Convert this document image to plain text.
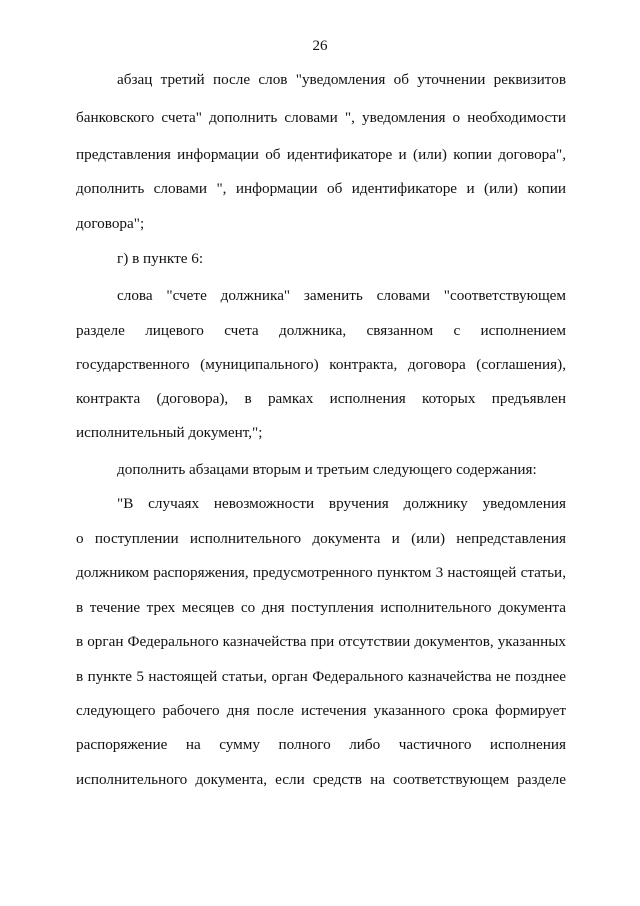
26
абзац третий после слов "уведомления об уточнении реквизитов
банковского счета" дополнить словами ", уведомления о необходимости
представления информации об идентификаторе и (или) копии договора",
дополнить словами ", информации об идентификаторе и (или) копии
договора";
г) в пункте 6:
слова "счете должника" заменить словами "соответствующем
разделе лицевого счета должника, связанном с исполнением
государственного (муниципального) контракта, договора (соглашения),
контракта (договора), в рамках исполнения которых предъявлен
исполнительный документ,";
дополнить абзацами вторым и третьим следующего содержания:
"В случаях невозможности вручения должнику уведомления
о поступлении исполнительного документа и (или) непредставления
должником распоряжения, предусмотренного пунктом 3 настоящей статьи,
в течение трех месяцев со дня поступления исполнительного документа
в орган Федерального казначейства при отсутствии документов, указанных
в пункте 5 настоящей статьи, орган Федерального казначейства не позднее
следующего рабочего дня после истечения указанного срока формирует
распоряжение на сумму полного либо частичного исполнения
исполнительного документа, если средств на соответствующем разделе
